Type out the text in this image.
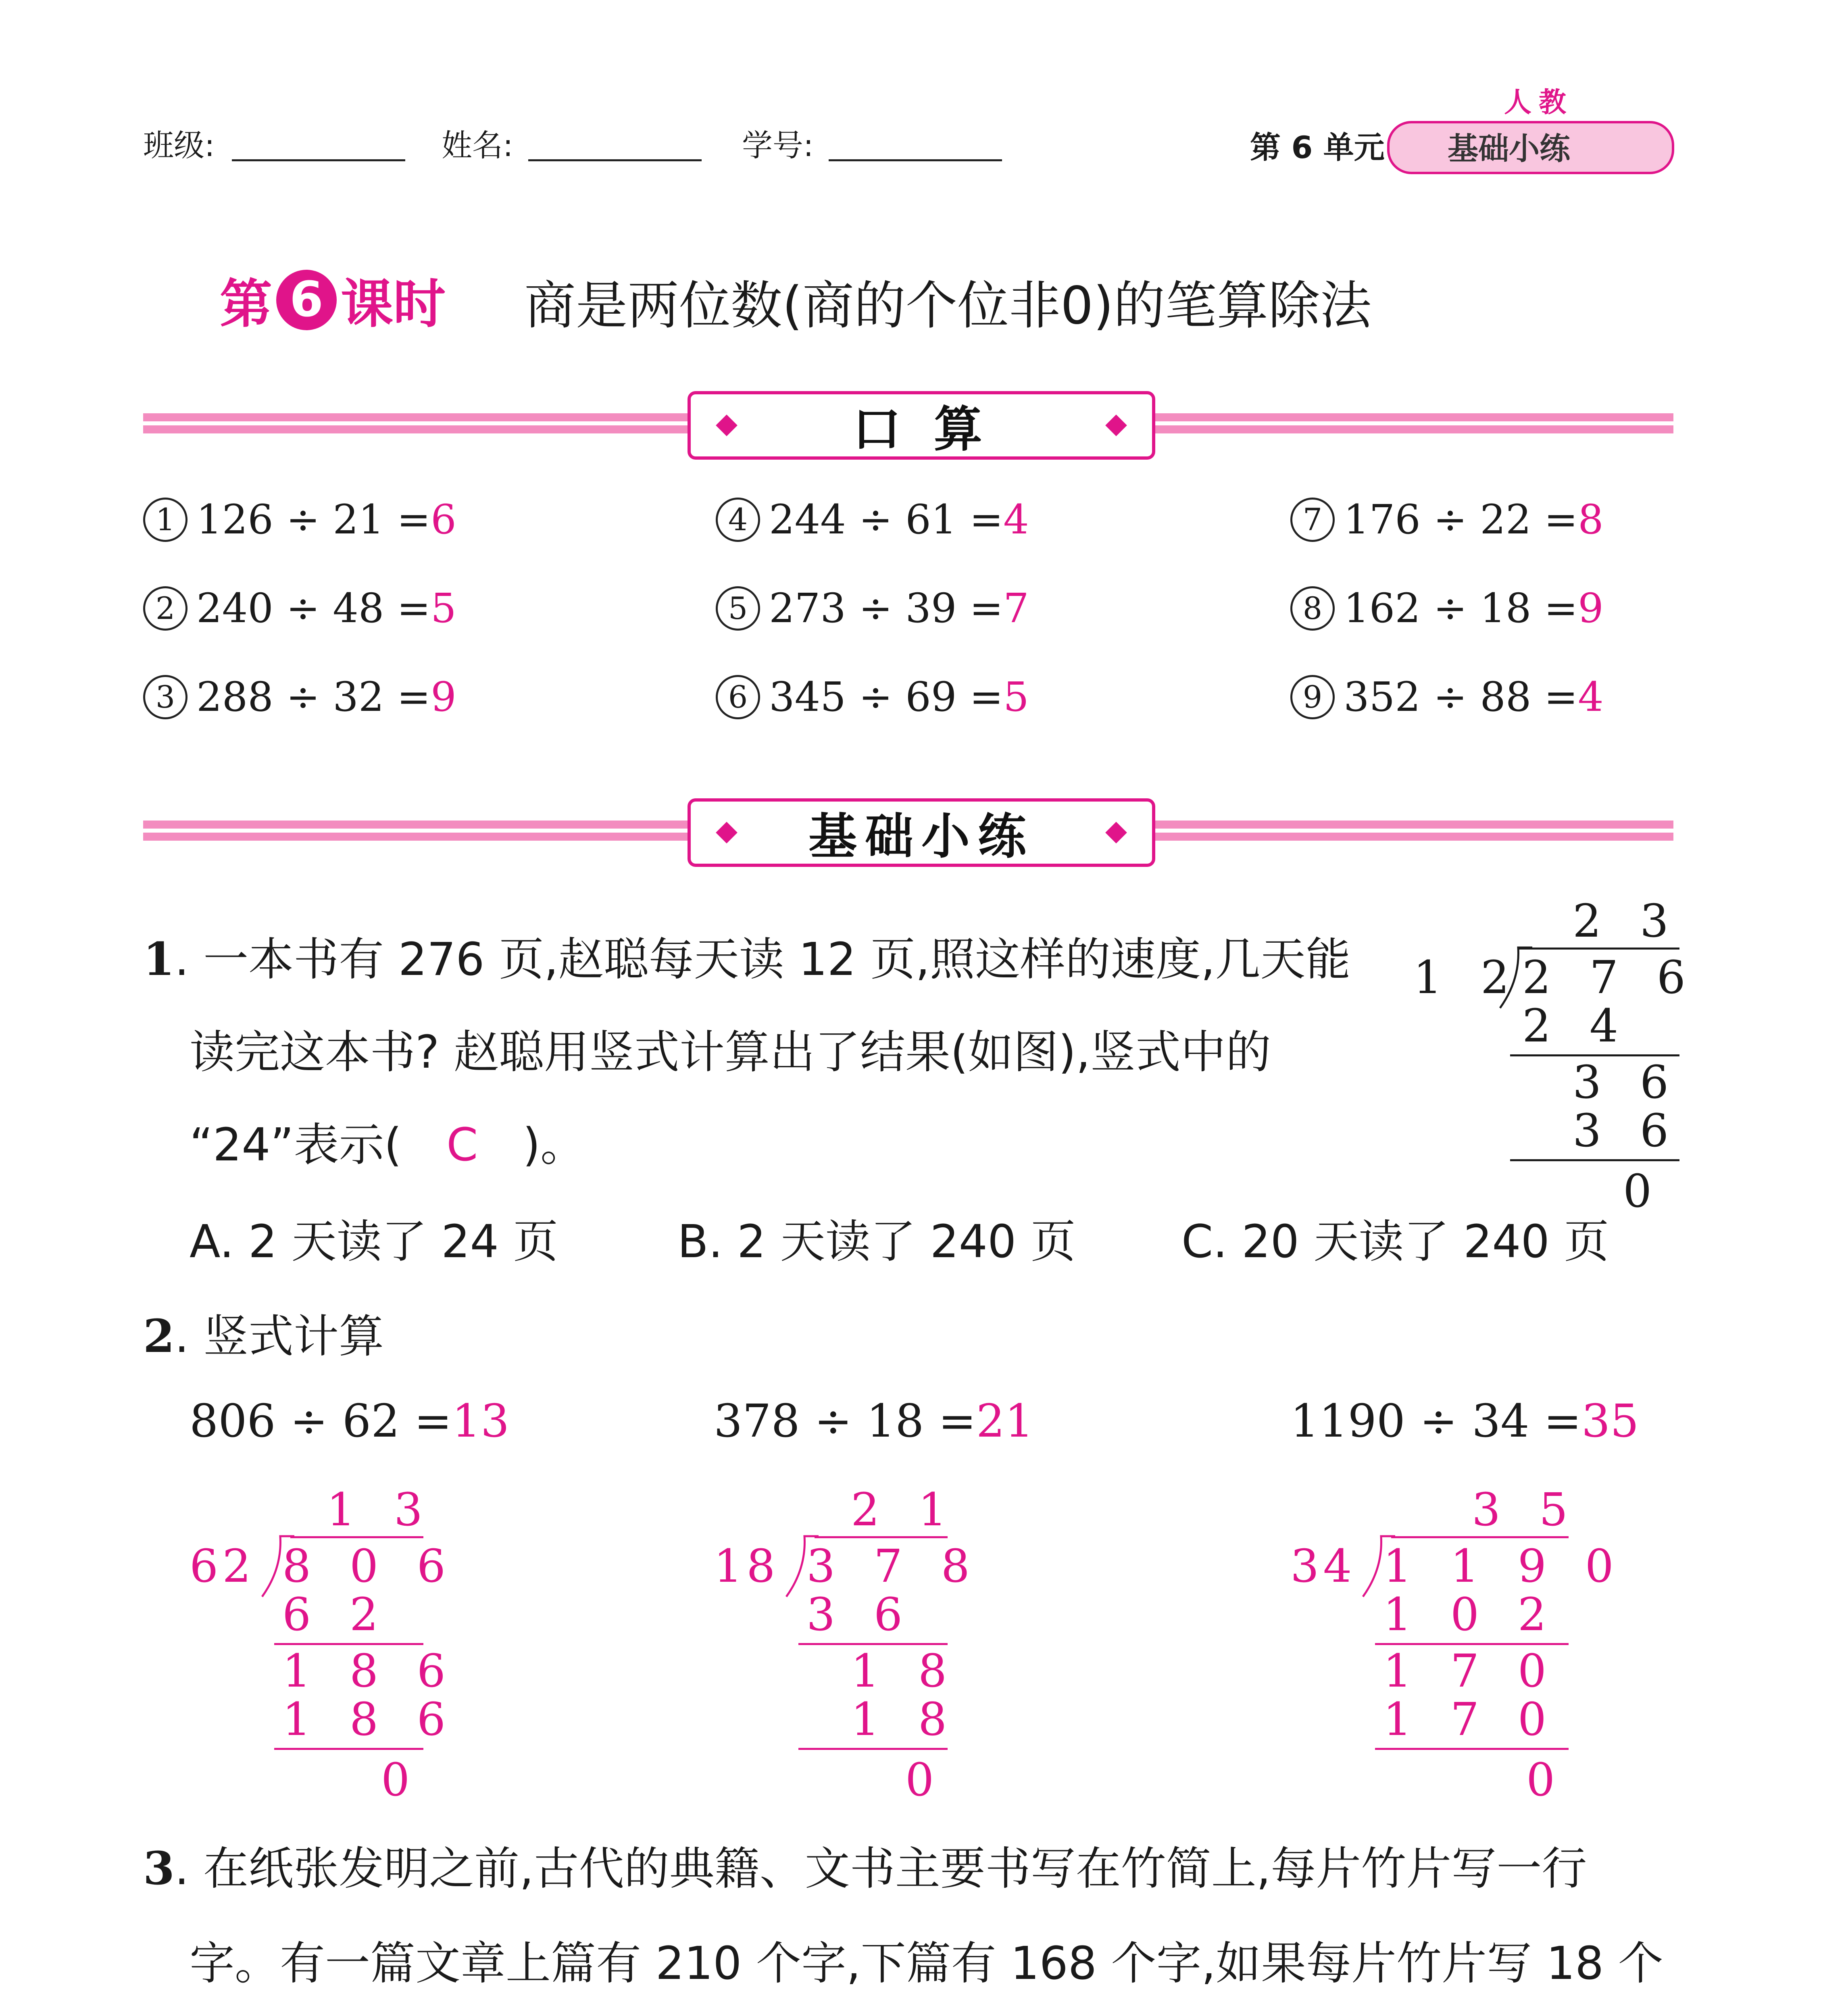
班级:	姓名:	学号:	第 6 单元
人教
基础小练
第 6 课时 商是两位数(商的个位非0)的笔算除法
口 算
1 126 ÷ 21 =6
2 240 ÷ 48 =5
3 288 ÷ 32 =9
4 244 ÷ 61 =4
5 273 ÷ 39 =7
6 345 ÷ 69 =5
7 176 ÷ 22 =8
8 162 ÷ 18 =9
9 352 ÷ 88 =4
基础小练
1. 一本书有 276 页,赵聪每天读 12 页,照这样的速度,几天能
读完这本书? 赵聪用竖式计算出了结果(如图),竖式中的
“24”表示( C )。
A. 2 天读了 24 页	B. 2 天读了 240 页 C. 20 天读了 240 页
2 3
1 2 2 7 6
2 4
3 6
3 6
0
2. 竖式计算
806 ÷ 62 =13
1 3
62 8 0 6
6 2
1 8 6
1 8 6
0
378 ÷ 18 =21
2 1
18 3 7 8
3 6
1 8
1 8
0
1190 ÷ 34 =35
3 5
34 1 1 9 0
1 0 2
1 7 0
1 7 0
0
3. 在纸张发明之前,古代的典籍、文书主要书写在竹简上,每片竹片写一行
字。有一篇文章上篇有 210 个字,下篇有 168 个字,如果每片竹片写 18 个
